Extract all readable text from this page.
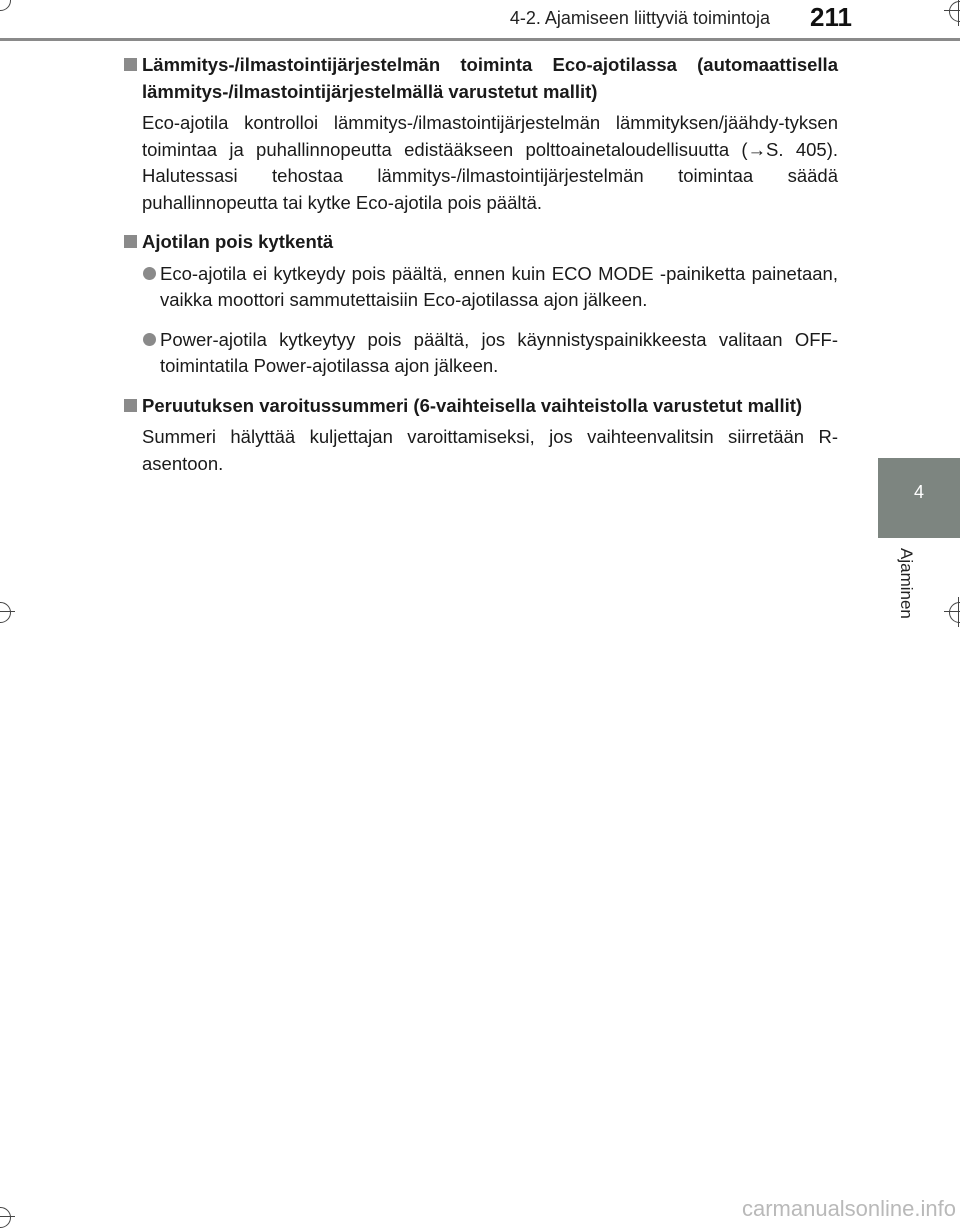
4-2. Ajamiseen liittyviä toimintoja	211
4
Ajaminen
Lämmitys-/ilmastointijärjestelmän toiminta Eco-ajotilassa (automaattisella lämmitys-/ilmastointijärjestelmällä varustetut mallit)
Eco-ajotila kontrolloi lämmitys-/ilmastointijärjestelmän lämmityksen/jäähdy-tyksen toimintaa ja puhallinnopeutta edistääkseen polttoainetaloudellisuutta (→S. 405). Halutessasi tehostaa lämmitys-/ilmastointijärjestelmän toimintaa säädä puhallinnopeutta tai kytke Eco-ajotila pois päältä.
Ajotilan pois kytkentä
Eco-ajotila ei kytkeydy pois päältä, ennen kuin ECO MODE -painiketta painetaan, vaikka moottori sammutettaisiin Eco-ajotilassa ajon jälkeen.
Power-ajotila kytkeytyy pois päältä, jos käynnistyspainikkeesta valitaan OFF-toimintatila Power-ajotilassa ajon jälkeen.
Peruutuksen varoitussummeri (6-vaihteisella vaihteistolla varustetut mallit)
Summeri hälyttää kuljettajan varoittamiseksi, jos vaihteenvalitsin siirretään R-asentoon.
carmanualsonline.info
